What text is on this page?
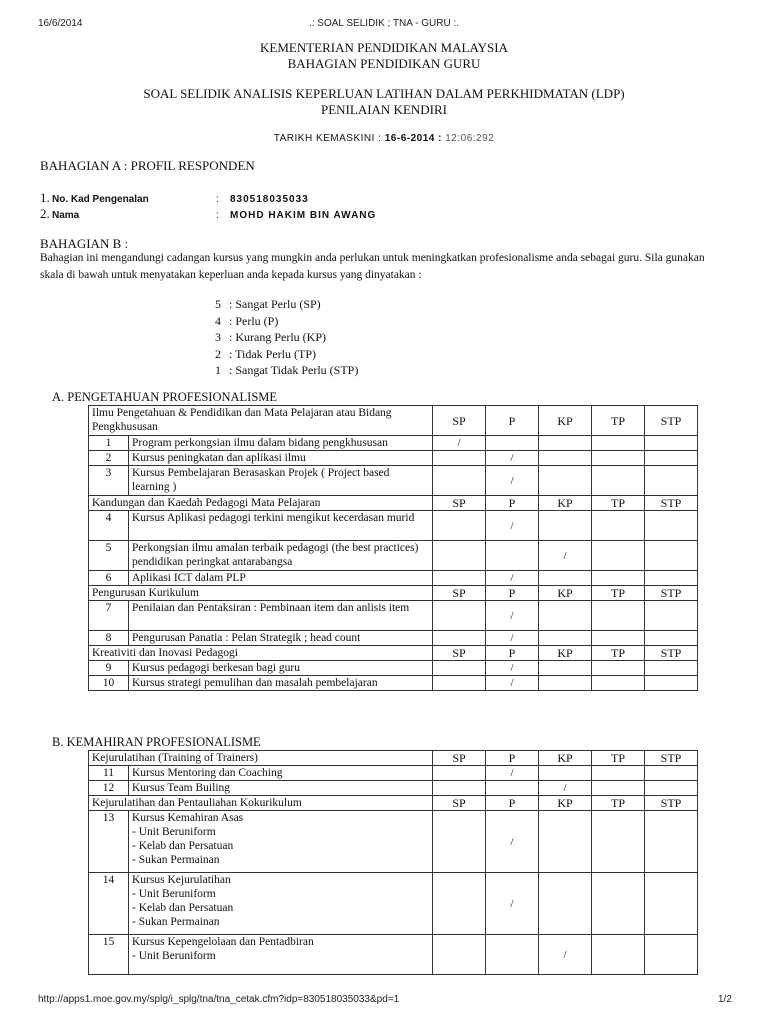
16/6/2014	.: SOAL SELIDIK ; TNA - GURU :.
KEMENTERIAN PENDIDIKAN MALAYSIA
BAHAGIAN PENDIDIKAN GURU
SOAL SELIDIK ANALISIS KEPERLUAN LATIHAN DALAM PERKHIDMATAN (LDP)
PENILAIAN KENDIRI
TARIKH KEMASKINI : 16-6-2014 : 12:06:292
BAHAGIAN A : PROFIL RESPONDEN
1. No. Kad Pengenalan	: 830518035033
2. Nama	: MOHD HAKIM BIN AWANG
BAHAGIAN B :
Bahagian ini mengandungi cadangan kursus yang mungkin anda perlukan untuk meningkatkan profesionalisme anda sebagai guru. Sila gunakan skala di bawah untuk menyatakan keperluan anda kepada kursus yang dinyatakan :
5 : Sangat Perlu (SP)
4 : Perlu (P)
3 : Kurang Perlu (KP)
2 : Tidak Perlu (TP)
1 : Sangat Tidak Perlu (STP)
A. PENGETAHUAN PROFESIONALISME
Ilmu Pengetahuan & Pendidikan dan Mata Pelajaran atau Bidang Pengkhususan		SP	P	KP	TP	STP
1	Program perkongsian ilmu dalam bidang pengkhususan	/				
2	Kursus peningkatan dan aplikasi ilmu		/			
3	Kursus Pembelajaran Berasaskan Projek ( Project based learning )		/			
Kandungan dan Kaedah Pedagogi Mata Pelajaran		SP	P	KP	TP	STP
4	Kursus Aplikasi pedagogi terkini mengikut kecerdasan murid		/			
5	Perkongsian ilmu amalan terbaik pedagogi (the best practices) pendidikan peringkat antarabangsa			/		
6	Aplikasi ICT dalam PLP		/			
Pengurusan Kurikulum		SP	P	KP	TP	STP
7	Penilaian dan Pentaksiran : Pembinaan item dan anlisis item		/			
8	Pengurusan Panatia : Pelan Strategik ; head count		/			
Kreativiti dan Inovasi Pedagogi		SP	P	KP	TP	STP
9	Kursus pedagogi berkesan bagi guru		/			
10	Kursus strategi pemulihan dan masalah pembelajaran		/			
B. KEMAHIRAN PROFESIONALISME
Kejurulatihan (Training of Trainers)		SP	P	KP	TP	STP
11	Kursus Mentoring dan Coaching		/			
12	Kursus Team Builing			/		
Kejurulatihan dan Pentauliahan Kokurikulum		SP	P	KP	TP	STP
13	Kursus Kemahiran Asas
- Unit Beruniform
- Kelab dan Persatuan
- Sukan Permainan		/			
14	Kursus Kejurulatihan
- Unit Beruniform
- Kelab dan Persatuan
- Sukan Permainan		/			
15	Kursus Kepengelolaan dan Pentadbiran
- Unit Beruniform			/		
http://apps1.moe.gov.my/splg/i_splg/tna/tna_cetak.cfm?idp=830518035033&pd=1	1/2
